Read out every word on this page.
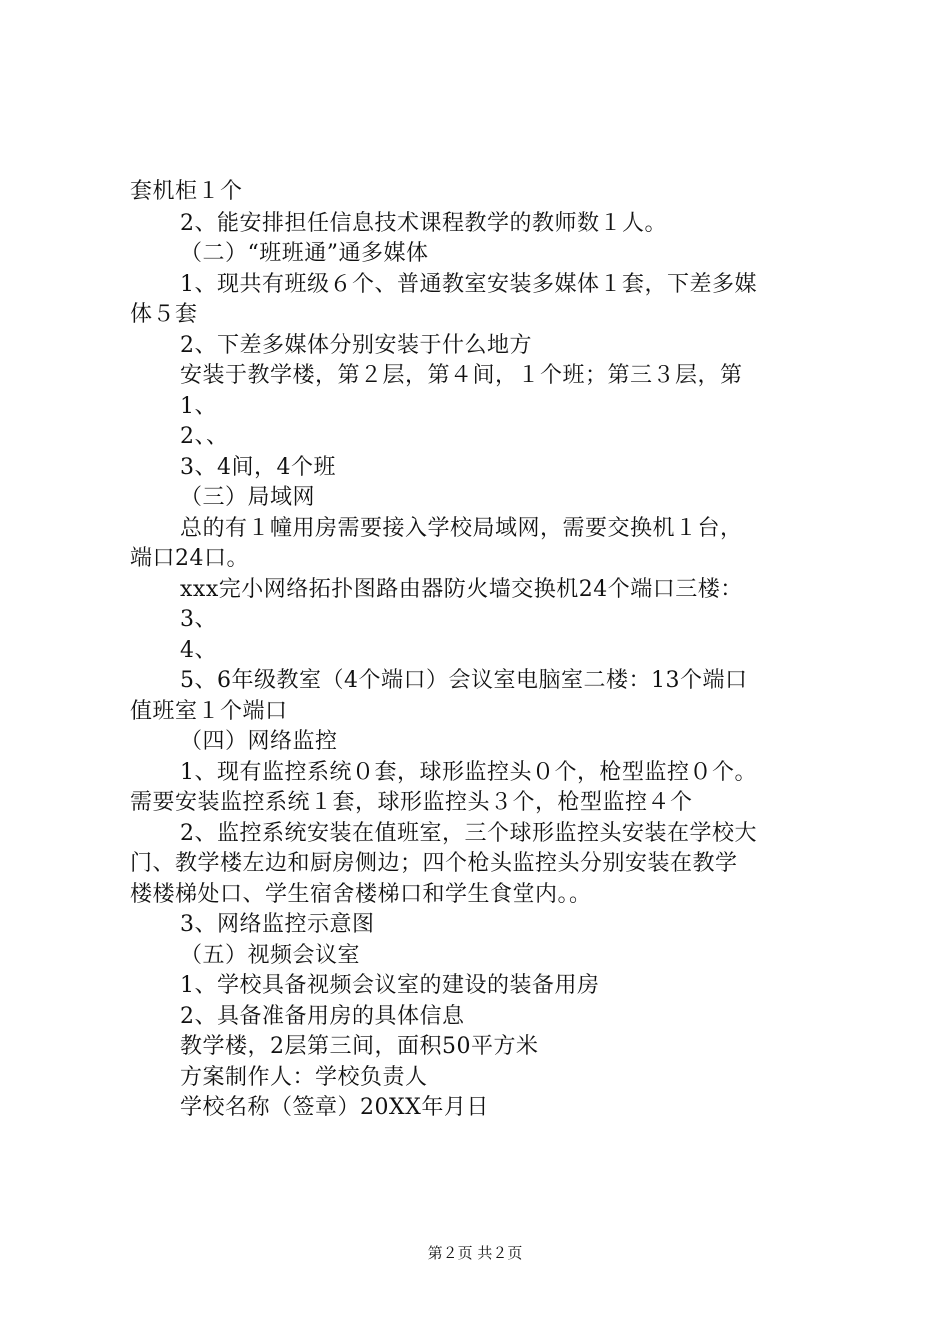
套机柜１个
2、能安排担任信息技术课程教学的教师数１人。
（二）“班班通”通多媒体
1、现共有班级６个、普通教室安装多媒体１套，下差多媒
体５套
2、下差多媒体分别安装于什么地方
安装于教学楼，第２层，第４间，１个班；第三３层，第
1、
2、、
3、4间，4个班
（三）局域网
总的有１幢用房需要接入学校局域网，需要交换机１台，
端口24口。
xxx完小网络拓扑图路由器防火墙交换机24个端口三楼：
3、
4、
5、6年级教室（4个端口）会议室电脑室二楼：13个端口
值班室１个端口
（四）网络监控
1、现有监控系统０套，球形监控头０个，枪型监控０个。
需要安装监控系统１套，球形监控头３个，枪型监控４个
2、监控系统安装在值班室，三个球形监控头安装在学校大
门、教学楼左边和厨房侧边；四个枪头监控头分别安装在教学
楼楼梯处口、学生宿舍楼梯口和学生食堂内。。
3、网络监控示意图
（五）视频会议室
1、学校具备视频会议室的建设的装备用房
2、具备准备用房的具体信息
教学楼，2层第三间，面积50平方米
方案制作人：学校负责人
学校名称（签章）20XX年月日
第２页 共２页
